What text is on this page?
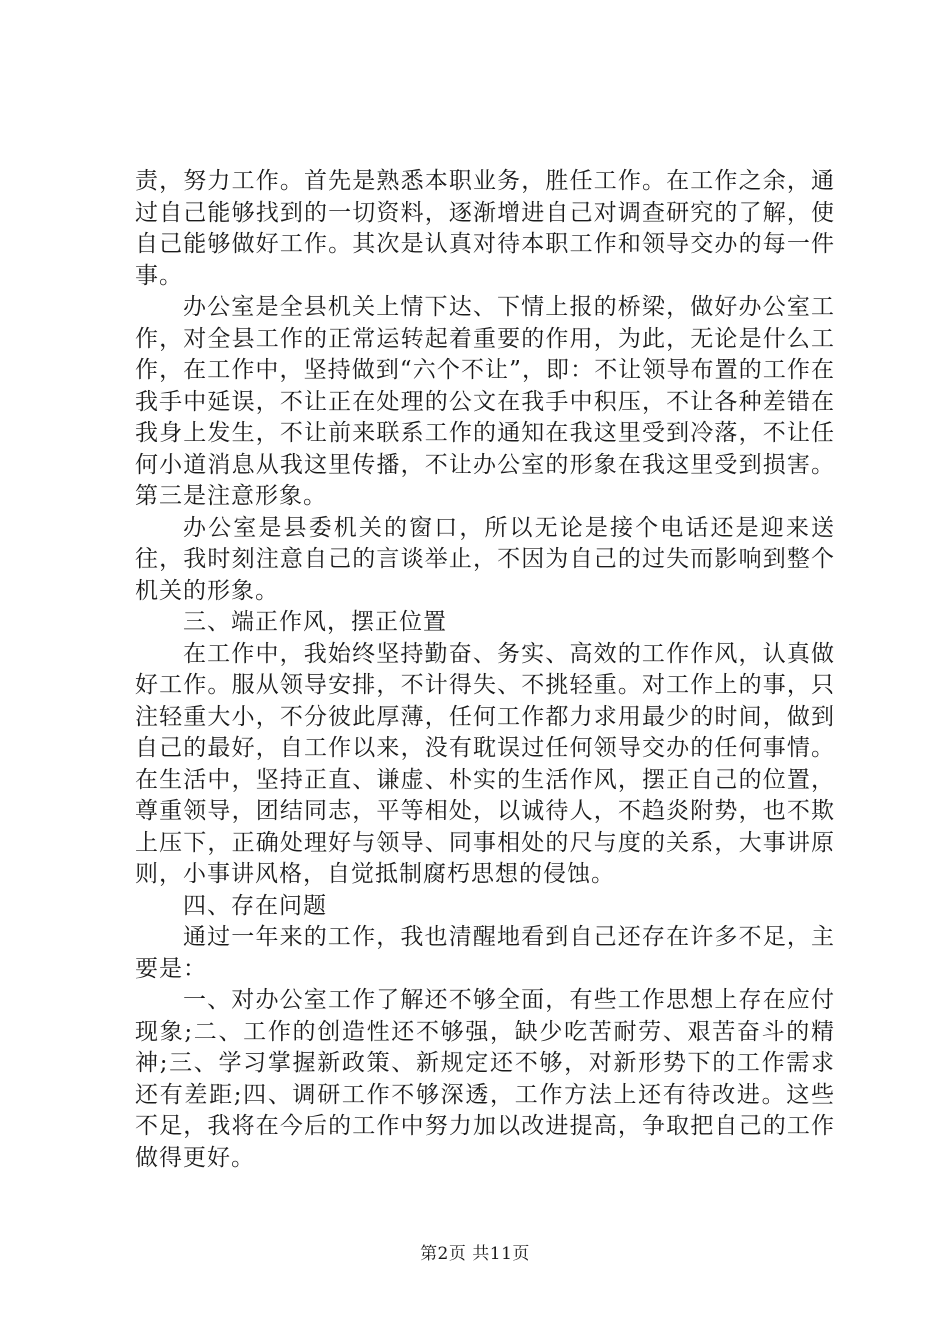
责，努力工作。首先是熟悉本职业务，胜任工作。在工作之余，通过自己能够找到的一切资料，逐渐增进自己对调查研究的了解，使自己能够做好工作。其次是认真对待本职工作和领导交办的每一件事。

办公室是全县机关上情下达、下情上报的桥梁，做好办公室工作，对全县工作的正常运转起着重要的作用，为此，无论是什么工作，在工作中，坚持做到“六个不让”，即：不让领导布置的工作在我手中延误，不让正在处理的公文在我手中积压，不让各种差错在我身上发生，不让前来联系工作的通知在我这里受到冷落，不让任何小道消息从我这里传播，不让办公室的形象在我这里受到损害。第三是注意形象。

办公室是县委机关的窗口，所以无论是接个电话还是迎来送往，我时刻注意自己的言谈举止，不因为自己的过失而影响到整个机关的形象。

三、端正作风，摆正位置

在工作中，我始终坚持勤奋、务实、高效的工作作风，认真做好工作。服从领导安排，不计得失、不挑轻重。对工作上的事，只注轻重大小，不分彼此厚薄，任何工作都力求用最少的时间，做到自己的最好，自工作以来，没有耽误过任何领导交办的任何事情。在生活中，坚持正直、谦虚、朴实的生活作风，摆正自己的位置，尊重领导，团结同志，平等相处，以诚待人，不趋炎附势，也不欺上压下，正确处理好与领导、同事相处的尺与度的关系，大事讲原则，小事讲风格，自觉抵制腐朽思想的侵蚀。

四、存在问题

通过一年来的工作，我也清醒地看到自己还存在许多不足，主要是：

一、对办公室工作了解还不够全面，有些工作思想上存在应付现象;二、工作的创造性还不够强，缺少吃苦耐劳、艰苦奋斗的精神;三、学习掌握新政策、新规定还不够，对新形势下的工作需求还有差距;四、调研工作不够深透，工作方法上还有待改进。这些不足，我将在今后的工作中努力加以改进提高，争取把自己的工作做得更好。

第2页 共11页
